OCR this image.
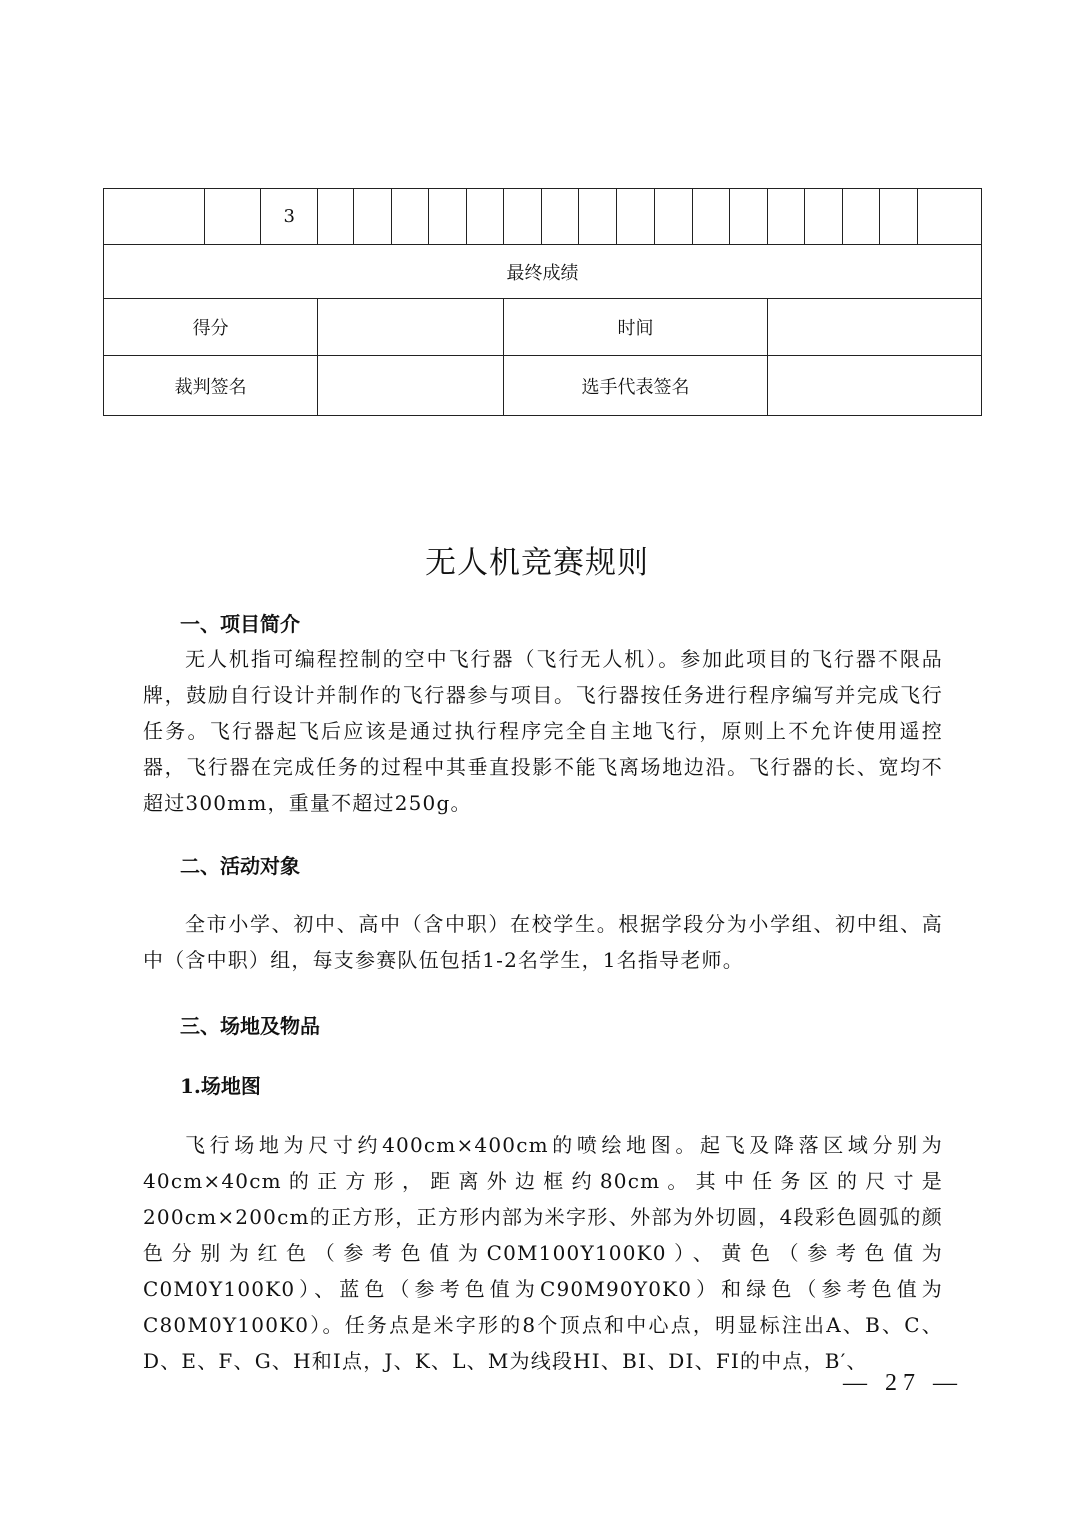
		3																	
最终成绩																			
得分								时间											
裁判签名								选手代表签名											
无人机竞赛规则
一、项目简介
无人机指可编程控制的空中飞行器（飞行无人机）。参加此项目的飞行器不限品牌，鼓励自行设计并制作的飞行器参与项目。飞行器按任务进行程序编写并完成飞行任务。飞行器起飞后应该是通过执行程序完全自主地飞行，原则上不允许使用遥控器，飞行器在完成任务的过程中其垂直投影不能飞离场地边沿。飞行器的长、宽均不超过300mm，重量不超过250g。
二、活动对象
全市小学、初中、高中（含中职）在校学生。根据学段分为小学组、初中组、高中（含中职）组，每支参赛队伍包括1-2名学生，1名指导老师。
三、场地及物品
1.场地图
飞行场地为尺寸约400cm×400cm的喷绘地图。起飞及降落区域分别为40cm×40cm的正方形，距离外边框约80cm。其中任务区的尺寸是200cm×200cm的正方形，正方形内部为米字形、外部为外切圆，4段彩色圆弧的颜色分别为红色（参考色值为C0M100Y100K0）、黄色（参考色值为C0M0Y100K0）、蓝色（参考色值为C90M90Y0K0）和绿色（参考色值为C80M0Y100K0）。任务点是米字形的8个顶点和中心点，明显标注出A、B、C、D、E、F、G、H和I点，J、K、L、M为线段HI、BI、DI、FI的中点，B′、
— 27 —
